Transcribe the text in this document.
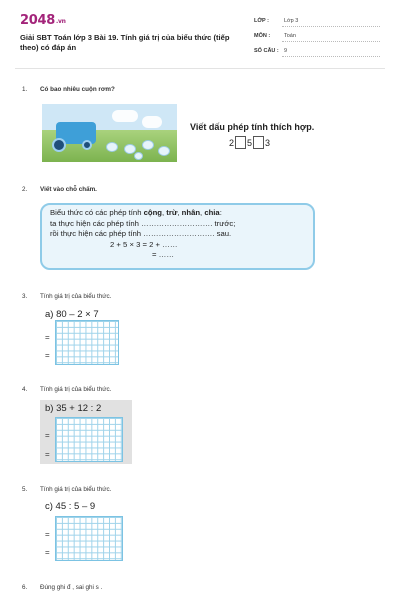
2048.vn
Giải SBT Toán lớp 3 Bài 19. Tính giá trị của biểu thức (tiếp theo) có đáp án
LỚP :	Lớp 3
MÔN :	Toán
SỐ CÂU : 9
1. Có bao nhiêu cuộn rơm?
Viết dấu phép tính thích hợp.
2 5 3
2. Viết vào chỗ chấm.
Biểu thức có các phép tính cộng, trừ, nhân, chia:
ta thực hiện các phép tính ………………………. trước;
rồi thực hiện các phép tính ………………………. sau.
2 + 5 × 3 = 2 + ……
= ……
3. Tính giá trị của biểu thức.
a) 80 – 2 × 7
=
=
4. Tính giá trị của biểu thức.
b) 35 + 12 : 2
=
=
5. Tính giá trị của biểu thức.
c) 45 : 5 – 9
=
=
6. Đúng ghi đ , sai ghi s .
